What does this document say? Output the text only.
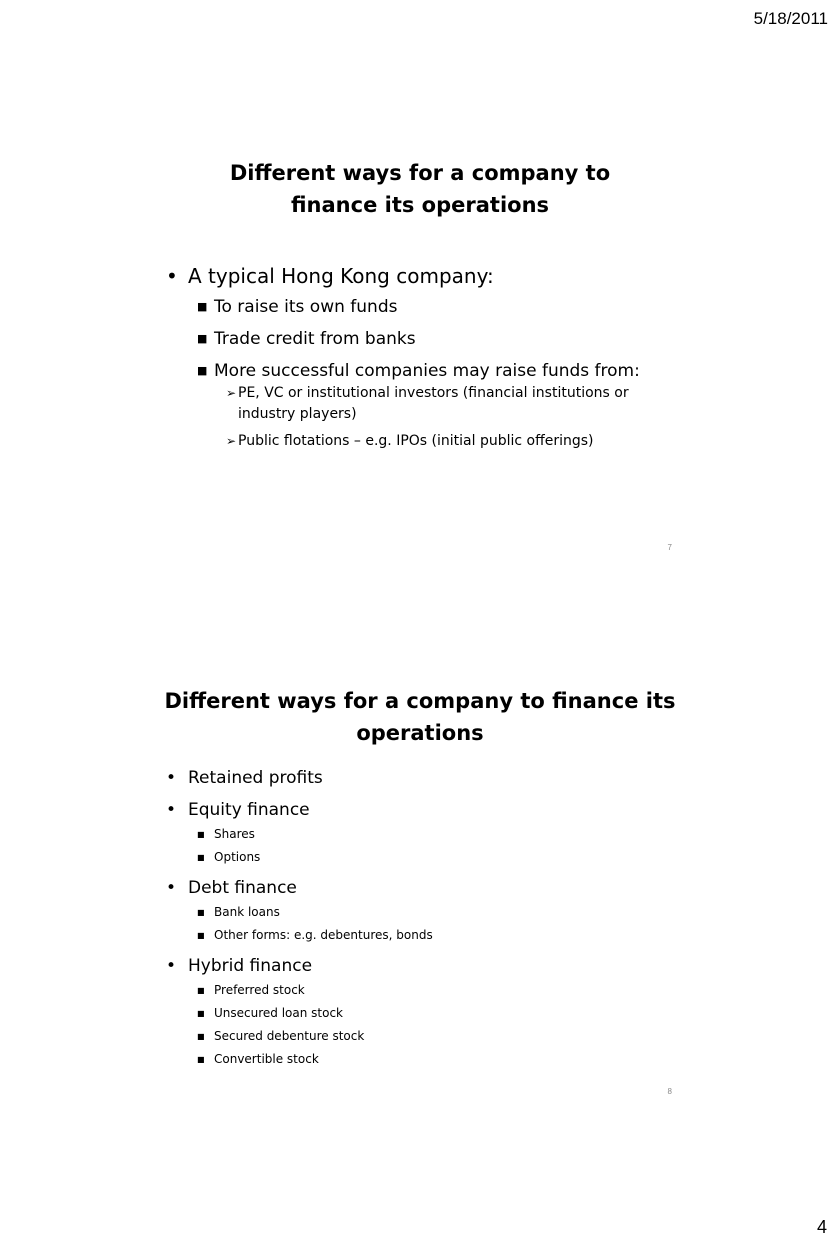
5/18/2011
Different ways for a company to
finance its operations
• A typical Hong Kong company:
■ To raise its own funds
■ Trade credit from banks
■ More successful companies may raise funds from:
➢ PE, VC or institutional investors (financial institutions or industry players)
➢ Public flotations – e.g. IPOs (initial public offerings)
7
Different ways for a company to finance its
operations
• Retained profits
• Equity finance
■ Shares
■ Options
• Debt finance
■ Bank loans
■ Other forms: e.g. debentures, bonds
• Hybrid finance
■ Preferred stock
■ Unsecured loan stock
■ Secured debenture stock
■ Convertible stock
8
4
